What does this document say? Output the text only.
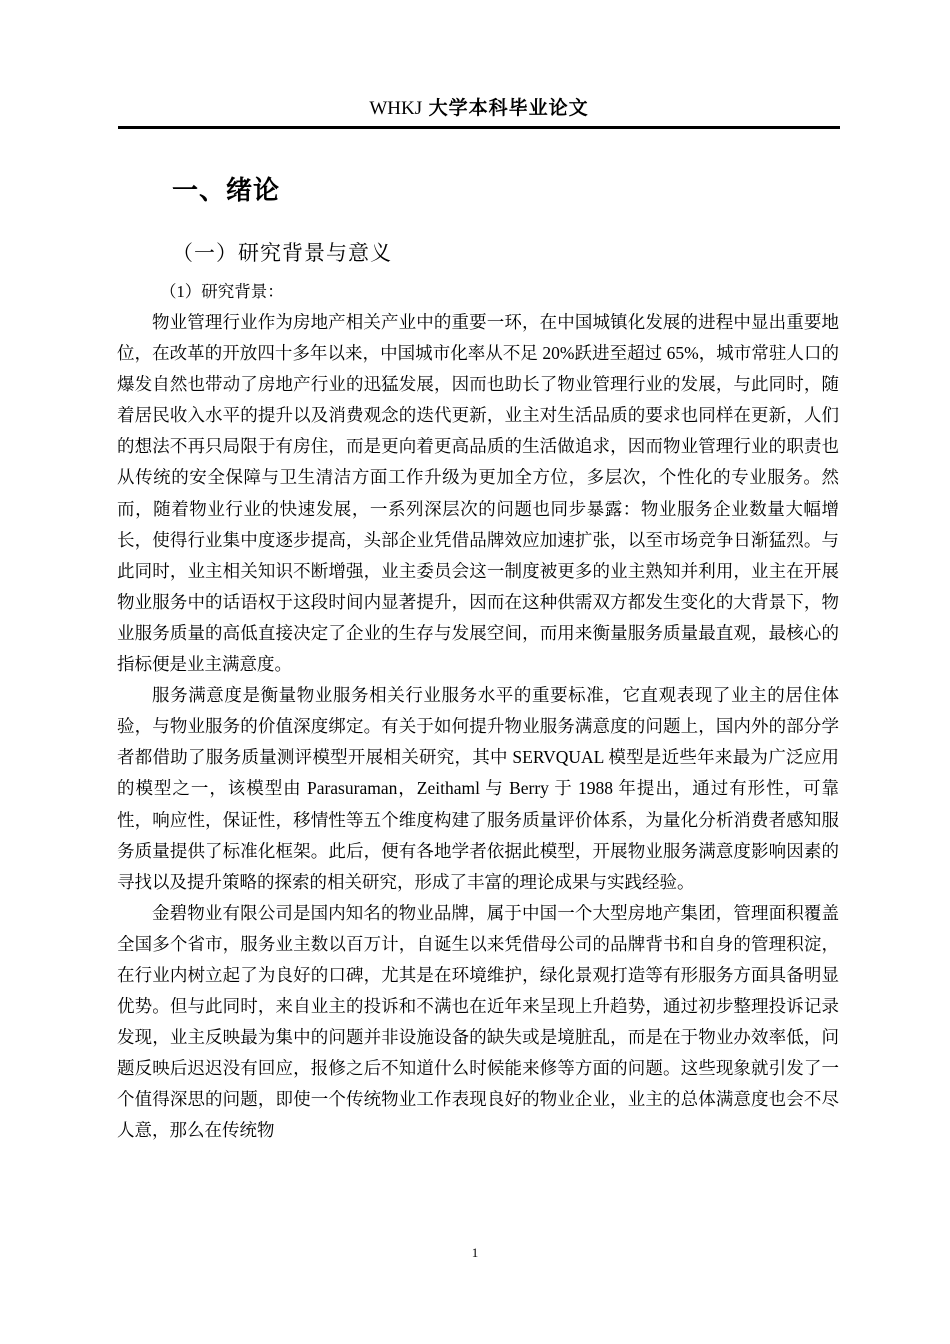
WHKJ 大学本科毕业论文
一、绪论
（一）研究背景与意义
（1）研究背景：

物业管理行业作为房地产相关产业中的重要一环，在中国城镇化发展的进程中显出重要地位，在改革的开放四十多年以来，中国城市化率从不足 20%跃进至超过 65%，城市常驻人口的爆发自然也带动了房地产行业的迅猛发展，因而也助长了物业管理行业的发展，与此同时，随着居民收入水平的提升以及消费观念的迭代更新，业主对生活品质的要求也同样在更新，人们的想法不再只局限于有房住，而是更向着更高品质的生活做追求，因而物业管理行业的职责也从传统的安全保障与卫生清洁方面工作升级为更加全方位，多层次，个性化的专业服务。然而，随着物业行业的快速发展，一系列深层次的问题也同步暴露：物业服务企业数量大幅增长，使得行业集中度逐步提高，头部企业凭借品牌效应加速扩张，以至市场竞争日渐猛烈。与此同时，业主相关知识不断增强，业主委员会这一制度被更多的业主熟知并利用，业主在开展物业服务中的话语权于这段时间内显著提升，因而在这种供需双方都发生变化的大背景下，物业服务质量的高低直接决定了企业的生存与发展空间，而用来衡量服务质量最直观，最核心的指标便是业主满意度。

服务满意度是衡量物业服务相关行业服务水平的重要标准，它直观表现了业主的居住体验，与物业服务的价值深度绑定。有关于如何提升物业服务满意度的问题上，国内外的部分学者都借助了服务质量测评模型开展相关研究，其中 SERVQUAL 模型是近些年来最为广泛应用的模型之一，该模型由 Parasuraman，Zeithaml 与 Berry 于 1988 年提出，通过有形性，可靠性，响应性，保证性，移情性等五个维度构建了服务质量评价体系，为量化分析消费者感知服务质量提供了标准化框架。此后，便有各地学者依据此模型，开展物业服务满意度影响因素的寻找以及提升策略的探索的相关研究，形成了丰富的理论成果与实践经验。

金碧物业有限公司是国内知名的物业品牌，属于中国一个大型房地产集团，管理面积覆盖全国多个省市，服务业主数以百万计，自诞生以来凭借母公司的品牌背书和自身的管理积淀，在行业内树立起了为良好的口碑，尤其是在环境维护，绿化景观打造等有形服务方面具备明显优势。但与此同时，来自业主的投诉和不满也在近年来呈现上升趋势，通过初步整理投诉记录发现，业主反映最为集中的问题并非设施设备的缺失或是境脏乱，而是在于物业办效率低，问题反映后迟迟没有回应，报修之后不知道什么时候能来修等方面的问题。这些现象就引发了一个值得深思的问题，即使一个传统物业工作表现良好的物业企业，业主的总体满意度也会不尽人意，那么在传统物

1
